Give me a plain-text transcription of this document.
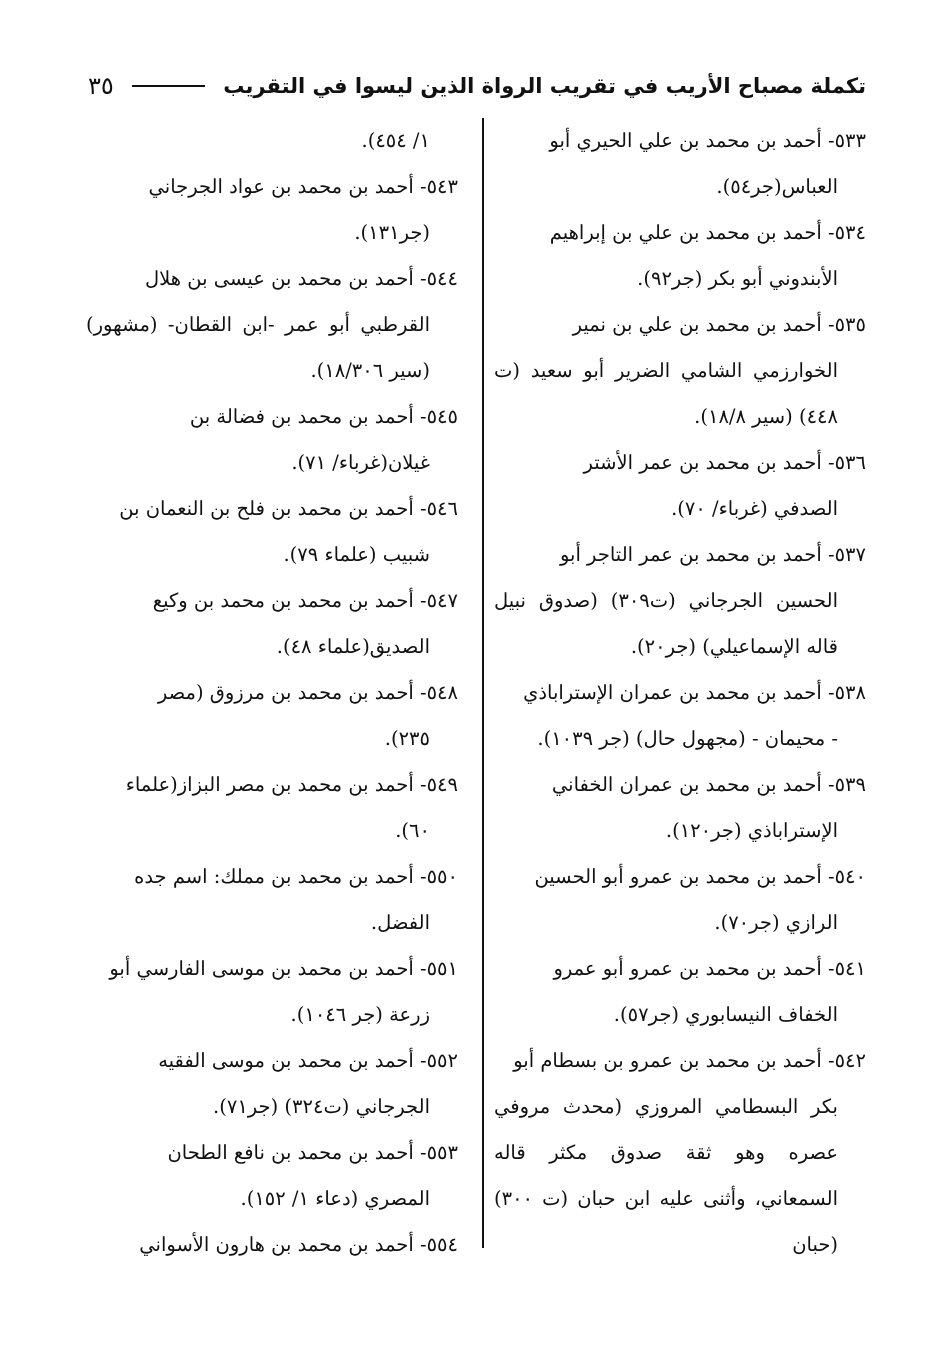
تكملة مصباح الأريب في تقريب الرواة الذين ليسوا في التقريب
٣٥

٥٣٣- أحمد بن محمد بن علي الحيري أبو
العباس(جر٥٤).

٥٣٤- أحمد بن محمد بن علي بن إبراهيم
الأبندوني أبو بكر (جر٩٢).

٥٣٥- أحمد بن محمد بن علي بن نمير
الخوارزمي الشامي الضرير أبو سعيد (ت ٤٤٨) (سير ١٨/٨).

٥٣٦- أحمد بن محمد بن عمر الأشتر
الصدفي (غرباء/ ٧٠).

٥٣٧- أحمد بن محمد بن عمر التاجر أبو
الحسين الجرجاني (ت٣٠٩) (صدوق نبيل قاله الإسماعيلي) (جر٢٠).

٥٣٨- أحمد بن محمد بن عمران الإستراباذي
- محيمان - (مجهول حال) (جر ١٠٣٩).

٥٣٩- أحمد بن محمد بن عمران الخفاني
الإستراباذي (جر١٢٠).

٥٤٠- أحمد بن محمد بن عمرو أبو الحسين
الرازي (جر٧٠).

٥٤١- أحمد بن محمد بن عمرو أبو عمرو
الخفاف النيسابوري (جر٥٧).

٥٤٢- أحمد بن محمد بن عمرو بن بسطام أبو
بكر البسطامي المروزي (محدث مروفي عصره وهو ثقة صدوق مكثر قاله السمعاني، وأثنى عليه ابن حبان (ت ٣٠٠) (حبان

١/ ٤٥٤).

٥٤٣- أحمد بن محمد بن عواد الجرجاني
(جر١٣١).

٥٤٤- أحمد بن محمد بن عيسى بن هلال
القرطبي أبو عمر -ابن القطان- (مشهور) (سير ١٨/٣٠٦).

٥٤٥- أحمد بن محمد بن فضالة بن
غيلان(غرباء/ ٧١).

٥٤٦- أحمد بن محمد بن فلح بن النعمان بن
شبيب (علماء ٧٩).

٥٤٧- أحمد بن محمد بن محمد بن وكيع
الصديق(علماء ٤٨).

٥٤٨- أحمد بن محمد بن مرزوق (مصر
٢٣٥).

٥٤٩- أحمد بن محمد بن مصر البزاز(علماء
٦٠).

٥٥٠- أحمد بن محمد بن مملك: اسم جده
الفضل.

٥٥١- أحمد بن محمد بن موسى الفارسي أبو
زرعة (جر ١٠٤٦).

٥٥٢- أحمد بن محمد بن موسى الفقيه
الجرجاني (ت٣٢٤) (جر٧١).

٥٥٣- أحمد بن محمد بن نافع الطحان
المصري (دعاء ١/ ١٥٢).

٥٥٤- أحمد بن محمد بن هارون الأسواني
